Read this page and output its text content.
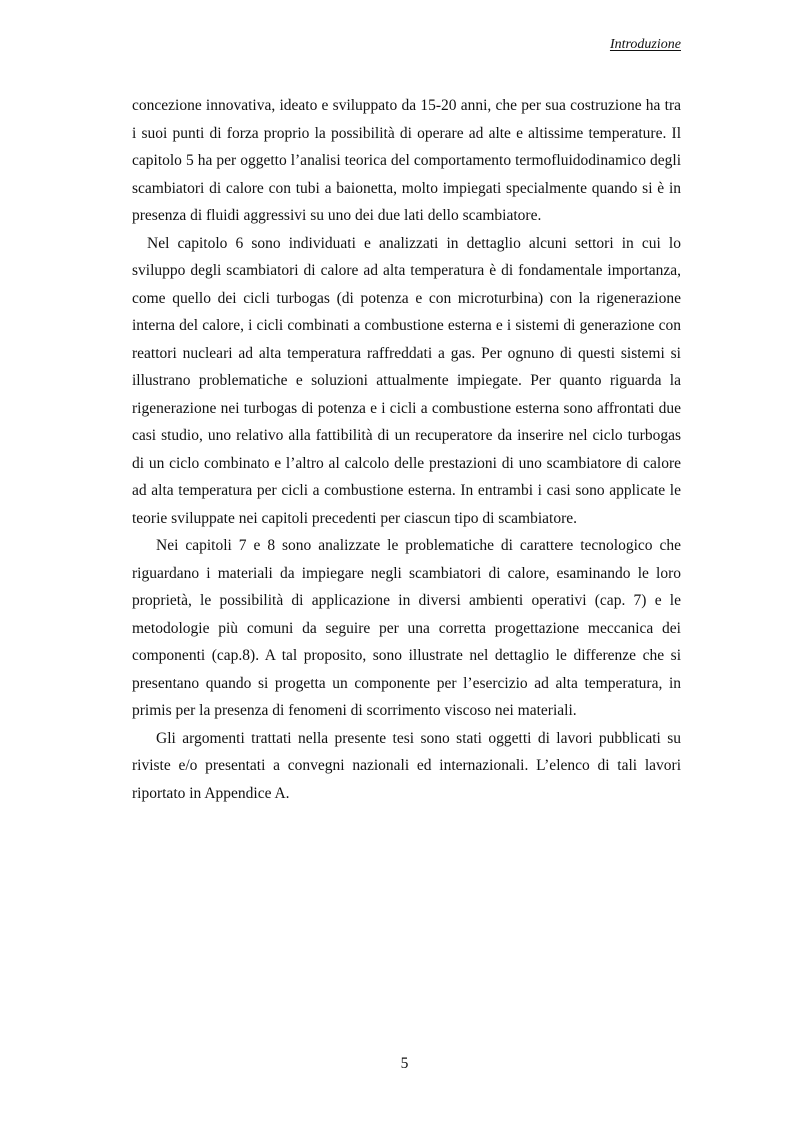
Introduzione

concezione innovativa, ideato e sviluppato da 15-20 anni, che per sua costruzione ha tra i suoi punti di forza proprio la possibilità di operare ad alte e altissime temperature. Il capitolo 5 ha per oggetto l’analisi teorica del comportamento termofluidodinamico degli scambiatori di calore con tubi a baionetta, molto impiegati specialmente quando si è in presenza di fluidi aggressivi su uno dei due lati dello scambiatore.

Nel capitolo 6 sono individuati e analizzati in dettaglio alcuni settori in cui lo sviluppo degli scambiatori di calore ad alta temperatura è di fondamentale importanza, come quello dei cicli turbogas (di potenza e con microturbina) con la rigenerazione interna del calore, i cicli combinati a combustione esterna e i sistemi di generazione con reattori nucleari ad alta temperatura raffreddati a gas. Per ognuno di questi sistemi si illustrano problematiche e soluzioni attualmente impiegate. Per quanto riguarda la rigenerazione nei turbogas di potenza e i cicli a combustione esterna sono affrontati due casi studio, uno relativo alla fattibilità di un recuperatore da inserire nel ciclo turbogas di un ciclo combinato e l’altro al calcolo delle prestazioni di uno scambiatore di calore ad alta temperatura per cicli a combustione esterna. In entrambi i casi sono applicate le teorie sviluppate nei capitoli precedenti per ciascun tipo di scambiatore.

Nei capitoli 7 e 8 sono analizzate le problematiche di carattere tecnologico che riguardano i materiali da impiegare negli scambiatori di calore, esaminando le loro proprietà, le possibilità di applicazione in diversi ambienti operativi (cap. 7) e le metodologie più comuni da seguire per una corretta progettazione meccanica dei componenti (cap.8). A tal proposito, sono illustrate nel dettaglio le differenze che si presentano quando si progetta un componente per l’esercizio ad alta temperatura, in primis per la presenza di fenomeni di scorrimento viscoso nei materiali.

Gli argomenti trattati nella presente tesi sono stati oggetti di lavori pubblicati su riviste e/o presentati a convegni nazionali ed internazionali. L’elenco di tali lavori riportato in Appendice A.

5
